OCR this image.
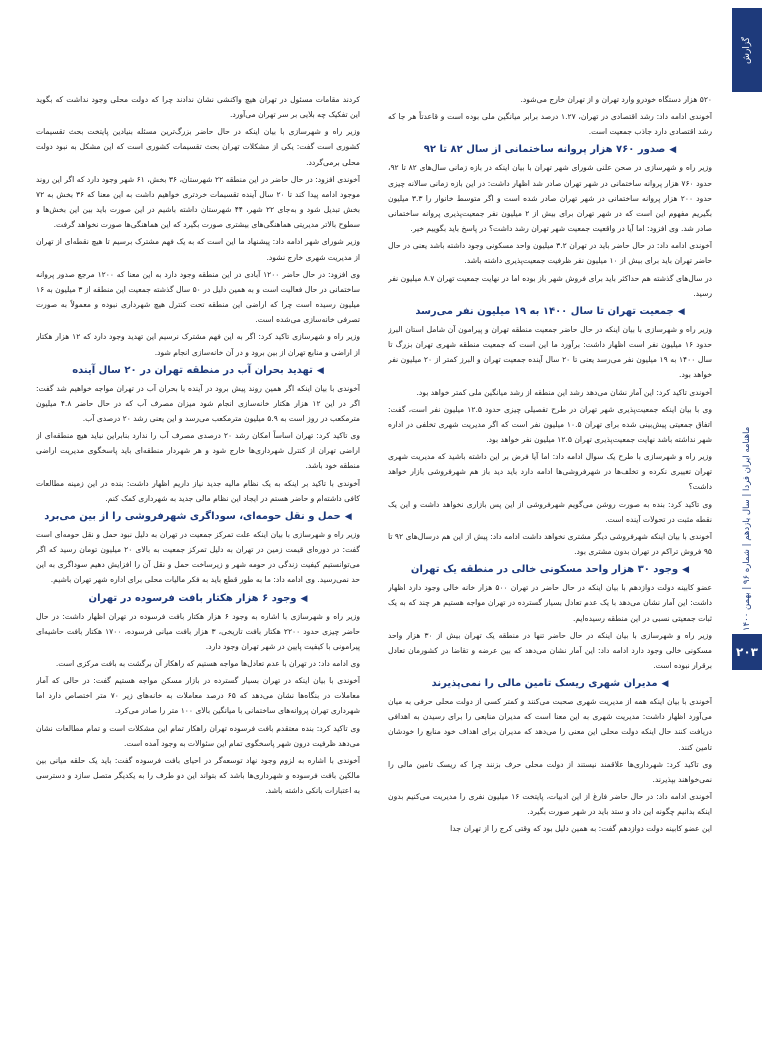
گزارش
ماهنامه ایران فردا | سال یازدهم | شماره ۹۶ | بهمن ۱۴۰۰
۲۰۳

۵۲۰ هزار دستگاه خودرو وارد تهران و از تهران خارج می‌شود.

آخوندی ادامه داد: رشد اقتصادی در تهران، ۱.۲۷ درصد برابر میانگین ملی بوده است و قاعدتاً هر جا که رشد اقتصادی دارد جاذب جمعیت است.

◀صدور ۷۶۰ هزار پروانه ساختمانی از سال ۸۲ تا ۹۲

وزیر راه و شهرسازی در صحن علنی شورای شهر تهران با بیان اینکه در بازه زمانی سال‌های ۸۲ تا ۹۲، حدود ۷۶۰ هزار پروانه ساختمانی در شهر تهران صادر شد اظهار داشت: در این بازه زمانی سالانه چیزی حدود ۲۰۰ هزار پروانه ساختمانی در شهر تهران صادر شده است و اگر متوسط خانوار را ۳.۳ میلیون بگیریم مفهوم این است که در شهر تهران برای بیش از ۲ میلیون نفر جمعیت‌پذیری پروانه ساختمانی صادر شد. وی افزود: اما آیا در واقعیت جمعیت شهر تهران رشد داشت؟ در پاسخ باید بگوییم خیر.

آخوندی ادامه داد: در حال حاضر باید در تهران ۳.۲ میلیون واحد مسکونی وجود داشته باشد یعنی در حال حاضر تهران باید برای بیش از ۱۰ میلیون نفر ظرفیت جمعیت‌پذیری داشته باشد.

در سال‌های گذشته هم حداکثر باید برای فروش شهر باز بوده اما در نهایت جمعیت تهران ۸.۷ میلیون نفر رسید.

◀جمعیت تهران تا سال ۱۴۰۰ به ۱۹ میلیون نفر می‌رسد

وزیر راه و شهرسازی با بیان اینکه در حال حاضر جمعیت منطقه تهران و پیرامون آن شامل استان البرز حدود ۱۶ میلیون نفر است اظهار داشت: برآورد ما این است که جمعیت منطقه شهری تهران بزرگ تا سال ۱۴۰۰ به ۱۹ میلیون نفر می‌رسد یعنی تا ۲۰ سال آینده جمعیت تهران و البرز کمتر از ۲۰ میلیون نفر خواهد بود.

آخوندی تاکید کرد: این آمار نشان می‌دهد رشد این منطقه از رشد میانگین ملی کمتر خواهد بود.

وی با بیان اینکه جمعیت‌پذیری شهر تهران در طرح تفصیلی چیزی حدود ۱۲.۵ میلیون نفر است، گفت: اتفاق جمعیتی پیش‌بینی شده برای تهران ۱۰.۵ میلیون نفر است که اگر مدیریت شهری تخلفی در اداره شهر نداشته باشد نهایت جمعیت‌پذیری تهران ۱۲.۵ میلیون نفر خواهد بود.

وزیر راه و شهرسازی با طرح یک سوال ادامه داد: اما آیا فرض بر این داشته باشید که مدیریت شهری تهران تغییری نکرده و تخلف‌ها در شهرفروشی‌ها ادامه دارد باید دید باز هم شهرفروشی بازار خواهد داشت؟

وی تاکید کرد: بنده به صورت روشن می‌گویم شهرفروشی از این پس بازاری نخواهد داشت و این یک نقطه مثبت در تحولات آینده است.

آخوندی با بیان اینکه شهرفروشی دیگر مشتری نخواهد داشت ادامه داد: پیش از این هم درسال‌های ۹۲ تا ۹۵ فروش تراکم در تهران بدون مشتری بود.

◀وجود ۳۰ هزار واحد مسکونی خالی در منطقه یک تهران

عضو کابینه دولت دوازدهم با بیان اینکه در حال حاضر در تهران ۵۰۰ هزار خانه خالی وجود دارد اظهار داشت: این آمار نشان می‌دهد با یک عدم تعادل بسیار گسترده در تهران مواجه هستیم هر چند که به یک ثبات جمعیتی نسبی در این منطقه رسیده‌ایم.

وزیر راه و شهرسازی با بیان اینکه در حال حاضر تنها در منطقه یک تهران بیش از ۳۰ هزار واحد مسکونی خالی وجود دارد ادامه داد: این آمار نشان می‌دهد که بین عرضه و تقاضا در کشورمان تعادل برقرار نبوده است.

◀مدیران شهری ریسک تامین مالی را نمی‌پذیرند

آخوندی با بیان اینکه همه از مدیریت شهری صحبت می‌کنند و کمتر کسی از دولت محلی حرفی به میان می‌آورد اظهار داشت: مدیریت شهری به این معنا است که مدیران منابعی را برای رسیدن به اهدافی دریافت کنند حال اینکه دولت محلی این معنی را می‌دهد که مدیران برای اهداف خود منابع را خودشان تامین کنند.

وی تاکید کرد: شهرداری‌ها علاقمند نیستند از دولت محلی حرف بزنند چرا که ریسک تامین مالی را نمی‌خواهند بپذیرند.

آخوندی ادامه داد: در حال حاضر فارغ از این ادبیات، پایتخت ۱۶ میلیون نفری را مدیریت می‌کنیم بدون اینکه بدانیم چگونه این داد و ستد باید در شهر صورت بگیرد.

این عضو کابینه دولت دوازدهم گفت: به همین دلیل بود که وقتی کرج را از تهران جدا

کردند مقامات مسئول در تهران هیچ واکنشی نشان ندادند چرا که دولت محلی وجود نداشت که بگوید این تفکیک چه بلایی بر سر تهران می‌آورد.

وزیر راه و شهرسازی با بیان اینکه در حال حاضر بزرگ‌ترین مسئله بنیادین پایتخت بحث تقسیمات کشوری است گفت: یکی از مشکلات تهران بحث تقسیمات کشوری است که این مشکل به نبود دولت محلی برمی‌گردد.

آخوندی افزود: در حال حاضر در این منطقه ۲۲ شهرستان، ۳۶ بخش، ۶۱ شهر وجود دارد که اگر این روند موجود ادامه پیدا کند تا ۲۰ سال آینده تقسیمات خردتری خواهیم داشت به این معنا که ۳۶ بخش به ۷۲ بخش تبدیل شود و به‌جای ۲۲ شهر، ۴۴ شهرستان داشته باشیم در این صورت باید بین این بخش‌ها و سطوح بالاتر مدیریتی هماهنگی‌های بیشتری صورت بگیرد که این هماهنگی‌ها صورت نخواهد گرفت.

وزیر شورای شهر ادامه داد: پیشنهاد ما این است که به یک فهم مشترک برسیم تا هیچ نقطه‌ای از تهران از مدیریت شهری خارج نشود.

وی افزود: در حال حاضر ۱۲۰۰ آبادی در این منطقه وجود دارد به این معنا که ۱۲۰۰ مرجع صدور پروانه ساختمانی در حال فعالیت است و به همین دلیل در ۵۰ سال گذشته جمعیت این منطقه از ۳ میلیون به ۱۶ میلیون رسیده است چرا که اراضی این منطقه تحت کنترل هیچ شهرداری نبوده و معمولاً به صورت تصرفی خانه‌سازی می‌شده است.

وزیر راه و شهرسازی تاکید کرد: اگر به این فهم مشترک نرسیم این تهدید وجود دارد که ۱۲ هزار هکتار از اراضی و منابع تهران از بین برود و در آن خانه‌سازی انجام شود.

◀تهدید بحران آب در منطقه تهران در ۲۰ سال آینده

آخوندی با بیان اینکه اگر همین روند پیش برود در آینده با بحران آب در تهران مواجه خواهیم شد گفت: اگر در این ۱۲ هزار هکتار خانه‌سازی انجام شود میزان مصرف آب که در حال حاضر ۴.۸ میلیون مترمکعب در روز است به ۵.۹ میلیون مترمکعب می‌رسد و این یعنی رشد ۲۰ درصدی آب.

وی تاکید کرد: تهران اساساً امکان رشد ۲۰ درصدی مصرف آب را ندارد بنابراین نباید هیچ منطقه‌ای از اراضی تهران از کنترل شهرداری‌ها خارج شود و هر شهردار منطقه‌ای باید پاسخگوی مدیریت اراضی منطقه خود باشد.

آخوندی با تاکید بر اینکه به یک نظام مالیه جدید نیاز داریم اظهار داشت: بنده در این زمینه مطالعات کافی داشته‌ام و حاضر هستم در ایجاد این نظام مالی جدید به شهرداری کمک کنم.

◀حمل و نقل حومه‌ای، سوداگری شهرفروشی را از بین می‌برد

وزیر راه و شهرسازی با بیان اینکه علت تمرکز جمعیت در تهران به دلیل نبود حمل و نقل حومه‌ای است گفت: در دوره‌ای قیمت زمین در تهران به دلیل تمرکز جمعیت به بالای ۲۰ میلیون تومان رسید که اگر می‌توانستیم کیفیت زندگی در حومه شهر و زیرساخت حمل و نقل آن را افزایش دهیم سوداگری به این حد نمی‌رسید. وی ادامه داد: ما به طور قطع باید به فکر مالیات محلی برای اداره شهر تهران باشیم.

◀وجود ۶ هزار هکتار بافت فرسوده در تهران

وزیر راه و شهرسازی با اشاره به وجود ۶ هزار هکتار بافت فرسوده در تهران اظهار داشت: در حال حاضر چیزی حدود ۲۲۰۰ هکتار بافت تاریخی، ۳ هزار بافت میانی فرسوده، ۱۷۰۰ هکتار بافت حاشیه‌ای پیرامونی با کیفیت پایین در شهر تهران وجود دارد.

وی ادامه داد: در تهران با عدم تعادل‌ها مواجه هستیم که راهکار آن برگشت به بافت مرکزی است.

آخوندی با بیان اینکه در تهران بسیار گسترده در بازار مسکن مواجه هستیم گفت: در حالی که آمار معاملات در بنگاه‌ها نشان می‌دهد که ۶۵ درصد معاملات به خانه‌های زیر ۷۰ متر اختصاص دارد اما شهرداری تهران پروانه‌های ساختمانی با میانگین بالای ۱۰۰ متر را صادر می‌کرد.

وی تاکید کرد: بنده معتقدم بافت فرسوده تهران راهکار تمام این مشکلات است و تمام مطالعات نشان می‌دهد ظرفیت درون شهر پاسخگوی تمام این سئوالات به وجود آمده است.

آخوندی با اشاره به لزوم وجود نهاد توسعه‌گر در احیای بافت فرسوده گفت: باید یک حلقه میانی بین مالکین بافت فرسوده و شهرداری‌ها باشد که بتواند این دو طرف را به یکدیگر متصل سازد و دسترسی به اعتبارات بانکی داشته باشد.
